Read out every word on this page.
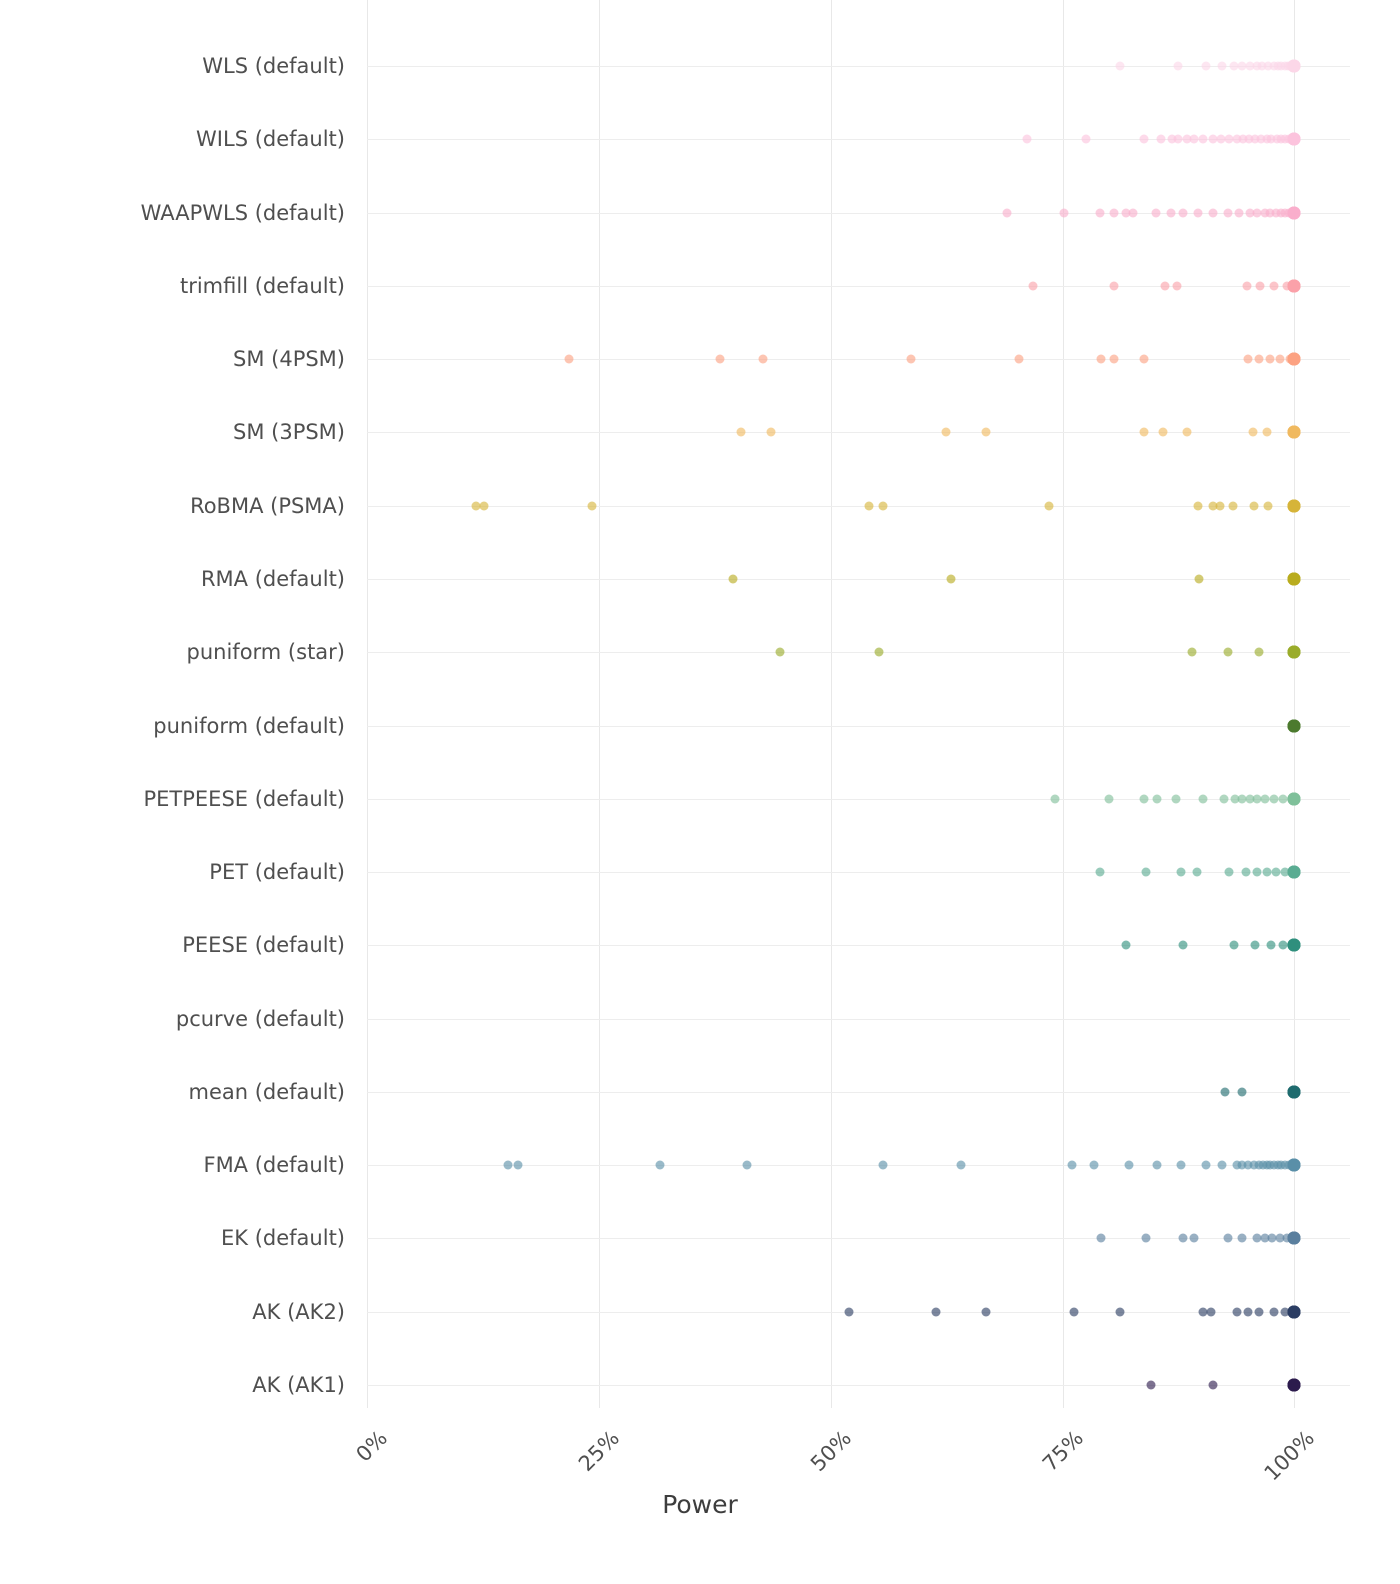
WLS (default)
WILS (default)
WAAPWLS (default)
trimfill (default)
SM (4PSM)
SM (3PSM)
RoBMA (PSMA)
RMA (default)
puniform (star)
puniform (default)
PETPEESE (default)
PET (default)
PEESE (default)
pcurve (default)
mean (default)
FMA (default)
EK (default)
AK (AK2)
AK (AK1)
0%	25%	50%	75%	100%
Power
